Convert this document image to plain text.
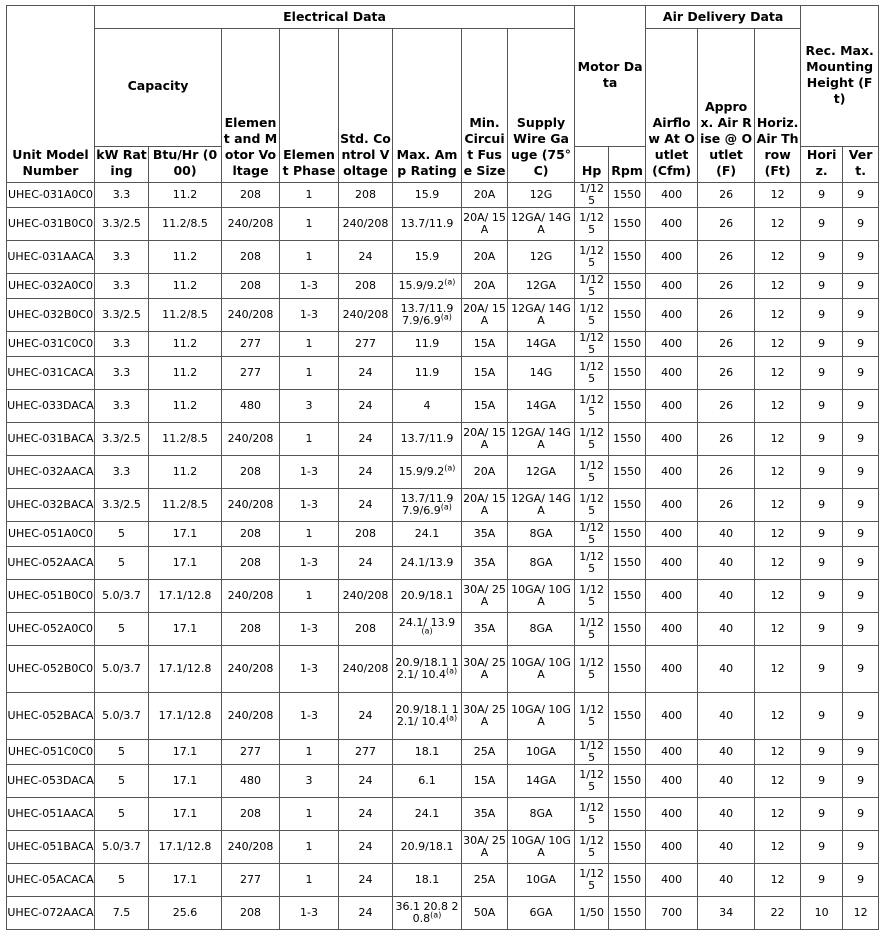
Unit Model Number	Electrical Data								Motor Data		Air Delivery Data			Rec. Max. Mounting Height (Ft)	
	Capacity		Element and Motor Voltage	Element Phase	Std. Control Voltage	Max. Amp Rating	Min. Circuit Fuse Size	Supply Wire Gauge (75°C)			Airflow At Outlet (Cfm)	Approx. Air Rise @ Outlet (F)	Horiz. Air Throw (Ft)		
	kW Rating	Btu/Hr (000)							Hp	Rpm				Horiz.	Vert.
UHEC-031A0C0	3.3	11.2	208	1	208	15.9	20A	12G	1/125	1550	400	26	12	9	9
UHEC-031B0C0	3.3/2.5	11.2/8.5	240/208	1	240/208	13.7/11.9	20A/ 15A	12GA/ 14GA	1/125	1550	400	26	12	9	9
UHEC-031AACA	3.3	11.2	208	1	24	15.9	20A	12G	1/125	1550	400	26	12	9	9
UHEC-032A0C0	3.3	11.2	208	1-3	208	15.9/9.2$^{(a)}$	20A	12GA	1/125	1550	400	26	12	9	9
UHEC-032B0C0	3.3/2.5	11.2/8.5	240/208	1-3	240/208	13.7/11.9 7.9/6.9$^{(a)}$	20A/ 15A	12GA/ 14GA	1/125	1550	400	26	12	9	9
UHEC-031C0C0	3.3	11.2	277	1	277	11.9	15A	14GA	1/125	1550	400	26	12	9	9
UHEC-031CACA	3.3	11.2	277	1	24	11.9	15A	14G	1/125	1550	400	26	12	9	9
UHEC-033DACA	3.3	11.2	480	3	24	4	15A	14GA	1/125	1550	400	26	12	9	9
UHEC-031BACA	3.3/2.5	11.2/8.5	240/208	1	24	13.7/11.9	20A/ 15A	12GA/ 14GA	1/125	1550	400	26	12	9	9
UHEC-032AACA	3.3	11.2	208	1-3	24	15.9/9.2$^{(a)}$	20A	12GA	1/125	1550	400	26	12	9	9
UHEC-032BACA	3.3/2.5	11.2/8.5	240/208	1-3	24	13.7/11.9 7.9/6.9$^{(a)}$	20A/ 15A	12GA/ 14GA	1/125	1550	400	26	12	9	9
UHEC-051A0C0	5	17.1	208	1	208	24.1	35A	8GA	1/125	1550	400	40	12	9	9
UHEC-052AACA	5	17.1	208	1-3	24	24.1/13.9	35A	8GA	1/125	1550	400	40	12	9	9
UHEC-051B0C0	5.0/3.7	17.1/12.8	240/208	1	240/208	20.9/18.1	30A/ 25A	10GA/ 10GA	1/125	1550	400	40	12	9	9
UHEC-052A0C0	5	17.1	208	1-3	208	24.1/ 13.9$^{(a)}$	35A	8GA	1/125	1550	400	40	12	9	9
UHEC-052B0C0	5.0/3.7	17.1/12.8	240/208	1-3	240/208	20.9/18.1 12.1/ 10.4$^{(a)}$	30A/ 25A	10GA/ 10GA	1/125	1550	400	40	12	9	9
UHEC-052BACA	5.0/3.7	17.1/12.8	240/208	1-3	24	20.9/18.1 12.1/ 10.4$^{(a)}$	30A/ 25A	10GA/ 10GA	1/125	1550	400	40	12	9	9
UHEC-051C0C0	5	17.1	277	1	277	18.1	25A	10GA	1/125	1550	400	40	12	9	9
UHEC-053DACA	5	17.1	480	3	24	6.1	15A	14GA	1/125	1550	400	40	12	9	9
UHEC-051AACA	5	17.1	208	1	24	24.1	35A	8GA	1/125	1550	400	40	12	9	9
UHEC-051BACA	5.0/3.7	17.1/12.8	240/208	1	24	20.9/18.1	30A/ 25A	10GA/ 10GA	1/125	1550	400	40	12	9	9
UHEC-05ACACA	5	17.1	277	1	24	18.1	25A	10GA	1/125	1550	400	40	12	9	9
UHEC-072AACA	7.5	25.6	208	1-3	24	36.1 20.8 20.8$^{(a)}$	50A	6GA	1/50	1550	700	34	22	10	12
